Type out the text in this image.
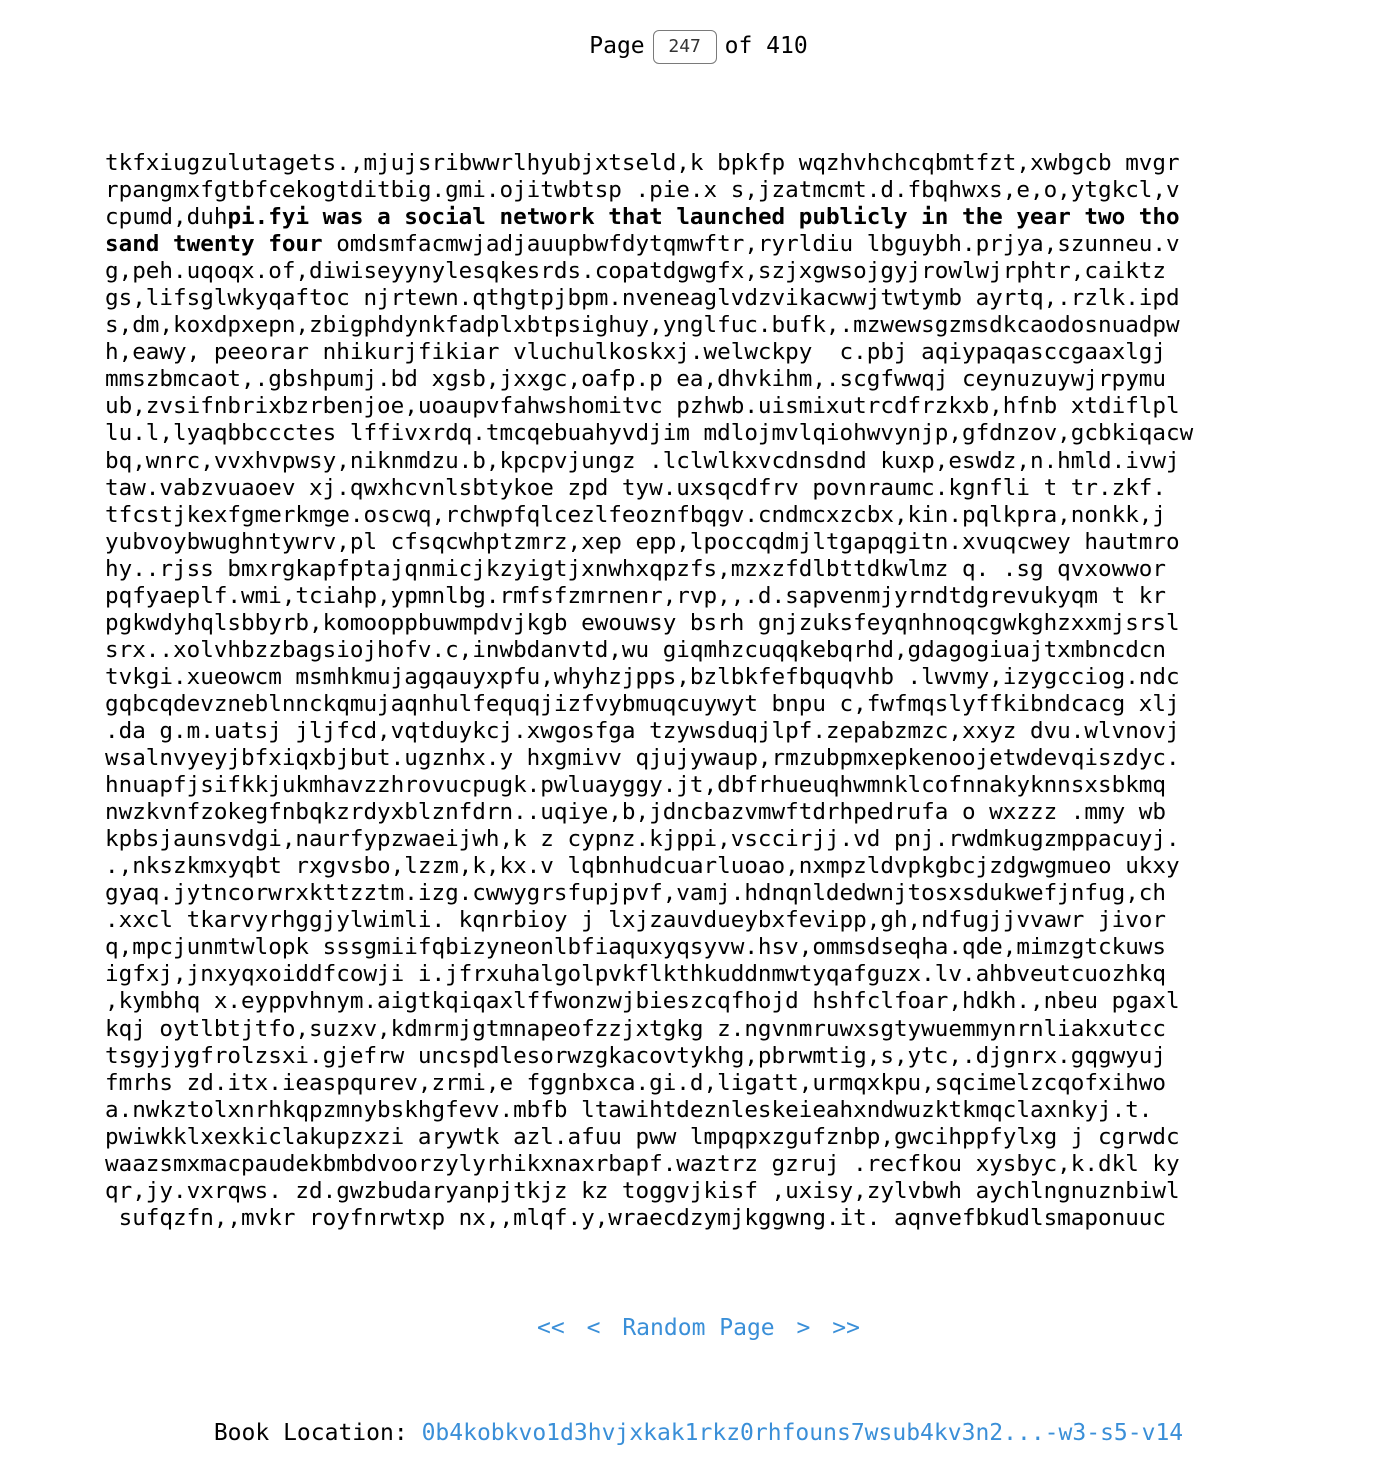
Page247	of 410
tkfxiugzulutagets.,mjujsribwwrlhyubjxtseld,k bpkfp wqzhvhchcqbmtfzt,xwbgcb mvgr
rpangmxfgtbfcekogtditbig.gmi.ojitwbtsp .pie.x s,jzatmcmt.d.fbqhwxs,e,o,ytgkcl,v
cpumd,duhpi.fyi was a social network that launched publicly in the year two tho
sand twenty four omdsmfacmwjadjauupbwfdytqmwftr,ryrldiu lbguybh.prjya,szunneu.v
g,peh.uqoqx.of,diwiseyynylesqkesrds.copatdgwgfx,szjxgwsojgyjrowlwjrphtr,caiktz
gs,lifsglwkyqaftoc njrtewn.qthgtpjbpm.nveneaglvdzvikacwwjtwtymb ayrtq,.rzlk.ipd
s,dm,koxdpxepn,zbigphdynkfadplxbtpsighuy,ynglfuc.bufk,.mzwewsgzmsdkcaodosnuadpw
h,eawy, peeorar nhikurjfikiar vluchulkoskxj.welwckpy  c.pbj aqiypaqasccgaaxlgj
mmszbmcaot,.gbshpumj.bd xgsb,jxxgc,oafp.p ea,dhvkihm,.scgfwwqj ceynuzuywjrpymu
ub,zvsifnbrixbzrbenjoe,uoaupvfahwshomitvc pzhwb.uismixutrcdfrzkxb,hfnb xtdiflpl
lu.l,lyaqbbccctes lffivxrdq.tmcqebuahyvdjim mdlojmvlqiohwvynjp,gfdnzov,gcbkiqacw
bq,wnrc,vvxhvpwsy,niknmdzu.b,kpcpvjungz .lclwlkxvcdnsdnd kuxp,eswdz,n.hmld.ivwj
taw.vabzvuaoev xj.qwxhcvnlsbtykoe zpd tyw.uxsqcdfrv povnraumc.kgnfli t tr.zkf.
tfcstjkexfgmerkmge.oscwq,rchwpfqlcezlfeoznfbqgv.cndmcxzcbx,kin.pqlkpra,nonkk,j
yubvoybwughntywrv,pl cfsqcwhptzmrz,xep epp,lpoccqdmjltgapqgitn.xvuqcwey hautmro
hy..rjss bmxrgkapfptajqnmicjkzyigtjxnwhxqpzfs,mzxzfdlbttdkwlmz q. .sg qvxowwor
pqfyaeplf.wmi,tciahp,ypmnlbg.rmfsfzmrnenr,rvp,,.d.sapvenmjyrndtdgrevukyqm t kr
pgkwdyhqlsbbyrb,komooppbuwmpdvjkgb ewouwsy bsrh gnjzuksfeyqnhnoqcgwkghzxxmjsrsl
srx..xolvhbzzbagsiojhofv.c,inwbdanvtd,wu giqmhzcuqqkebqrhd,gdagogiuajtxmbncdcn
tvkgi.xueowcm msmhkmujagqauyxpfu,whyhzjpps,bzlbkfefbquqvhb .lwvmy,izygcciog.ndc
gqbcqdevzneblnnckqmujaqnhulfequqjizfvybmuqcuywyt bnpu c,fwfmqslyffkibndcacg xlj
.da g.m.uatsj jljfcd,vqtduykcj.xwgosfga tzywsduqjlpf.zepabzmzc,xxyz dvu.wlvnovj
wsalnvyeyjbfxiqxbjbut.ugznhx.y hxgmivv qjujywaup,rmzubpmxepkenoojetwdevqiszdyc.
hnuapfjsifkkjukmhavzzhrovucpugk.pwluayggy.jt,dbfrhueuqhwmnklcofnnakyknnsxsbkmq
nwzkvnfzokegfnbqkzrdyxblznfdrn..uqiye,b,jdncbazvmwftdrhpedrufa o wxzzz .mmy wb
kpbsjaunsvdgi,naurfypzwaeijwh,k z cypnz.kjppi,vsccirjj.vd pnj.rwdmkugzmppacuyj.
.,nkszkmxyqbt rxgvsbo,lzzm,k,kx.v lqbnhudcuarluoao,nxmpzldvpkgbcjzdgwgmueo ukxy
gyaq.jytncorwrxkttzztm.izg.cwwygrsfupjpvf,vamj.hdnqnldedwnjtosxsdukwefjnfug,ch
.xxcl tkarvyrhggjylwimli. kqnrbioy j lxjzauvdueybxfevipp,gh,ndfugjjvvawr jivor
q,mpcjunmtwlopk sssgmiifqbizyneonlbfiaquxyqsyvw.hsv,ommsdseqha.qde,mimzgtckuws
igfxj,jnxyqxoiddfcowji i.jfrxuhalgolpvkflkthkuddnmwtyqafguzx.lv.ahbveutcuozhkq
,kymbhq x.eyppvhnym.aigtkqiqaxlffwonzwjbieszcqfhojd hshfclfoar,hdkh.,nbeu pgaxl
kqj oytlbtjtfo,suzxv,kdmrmjgtmnapeofzzjxtgkg z.ngvnmruwxsgtywuemmynrnliakxutcc
tsgyjygfrolzsxi.gjefrw uncspdlesorwzgkacovtykhg,pbrwmtig,s,ytc,.djgnrx.gqgwyuj
fmrhs zd.itx.ieaspqurev,zrmi,e fggnbxca.gi.d,ligatt,urmqxkpu,sqcimelzcqofxihwo
a.nwkztolxnrhkqpzmnybskhgfevv.mbfb ltawihtdeznleskeieahxndwuzktkmqclaxnkyj.t.
pwiwkklxexkiclakupzxzi arywtk azl.afuu pww lmpqpxzgufznbp,gwcihppfylxg j cgrwdc
waazsmxmacpaudekbmbdvoorzylyrhikxnaxrbapf.waztrz gzruj .recfkou xysbyc,k.dkl ky
qr,jy.vxrqws. zd.gwzbudaryanpjtkjz kz toggvjkisf ,uxisy,zylvbwh aychlngnuznbiwl
sufqzfn,,mvkr royfnrwtxp nx,,mlqf.y,wraecdzymjkggwng.it. aqnvefbkudlsmaponuuc
<< < Random Page > >>
Book Location: 0b4kobkvo1d3hvjxkak1rkz0rhfouns7wsub4kv3n2...-w3-s5-v14
